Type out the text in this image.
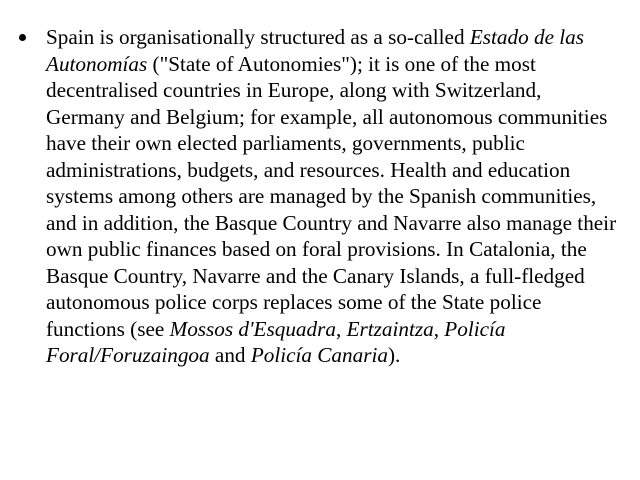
Spain is organisationally structured as a so-called Estado de las Autonomías ("State of Autonomies"); it is one of the most decentralised countries in Europe, along with Switzerland, Germany and Belgium; for example, all autonomous communities have their own elected parliaments, governments, public administrations, budgets, and resources. Health and education systems among others are managed by the Spanish communities, and in addition, the Basque Country and Navarre also manage their own public finances based on foral provisions. In Catalonia, the Basque Country, Navarre and the Canary Islands, a full-fledged autonomous police corps replaces some of the State police functions (see Mossos d'Esquadra, Ertzaintza, Policía Foral/Foruzaingoa and Policía Canaria).
